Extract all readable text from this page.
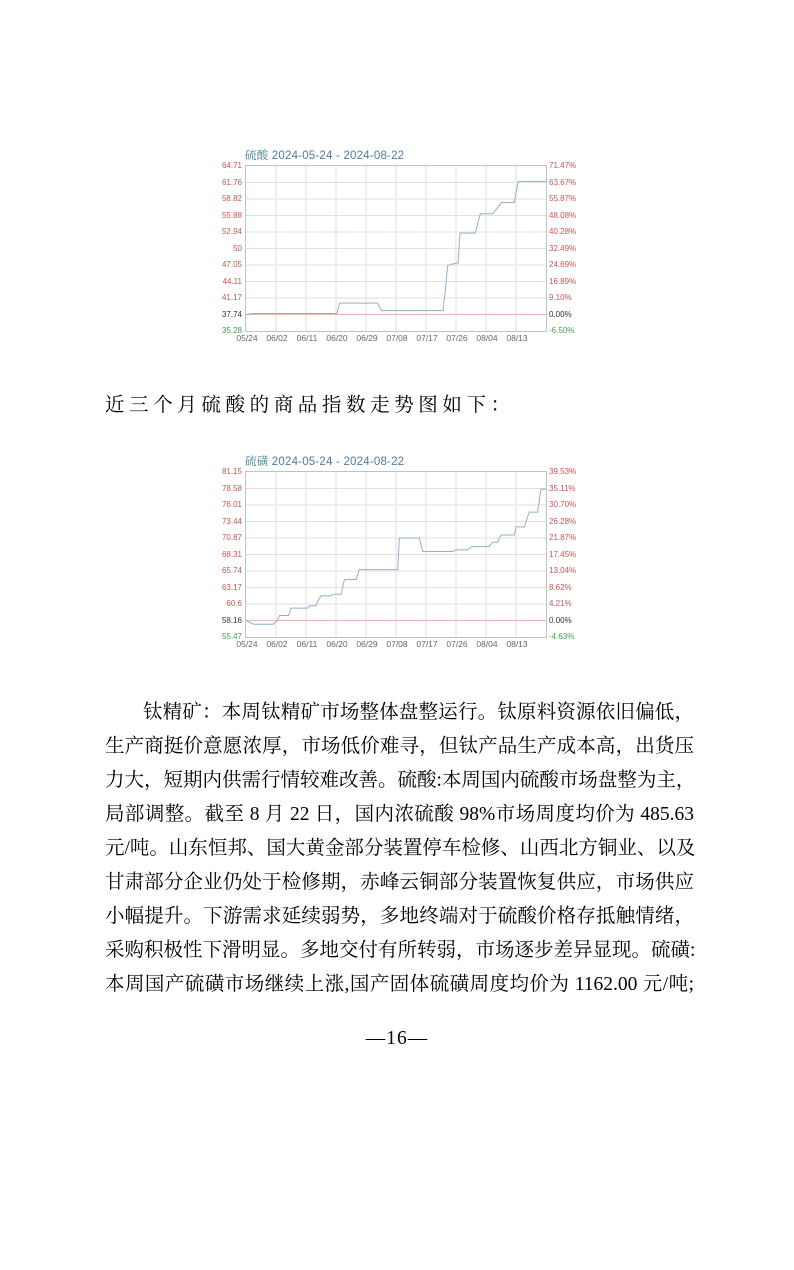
硫酸 2024-05-24 - 2024-08-22
64.71	71.47%
61.76	63.67%
58.82	55.87%
55.88	48.08%
52.94	40.28%
50	32.49%
47.05	24.69%
44.11	16.89%
41.17	9.10%
37.74	0.00%
35.28	-6.50%
05/24	06/02	06/11	06/20	06/29	07/08	07/17	07/26	08/04	08/13

近三个月硫酸的商品指数走势图如下：

硫磺 2024-05-24 - 2024-08-22
81.15	39.53%
78.58	35.11%
76.01	30.70%
73.44	26.28%
70.87	21.87%
68.31	17.45%
65.74	13.04%
63.17	8.62%
60.6	4.21%
58.16	0.00%
55.47	-4.63%
05/24	06/02	06/11	06/20	06/29	07/08	07/17	07/26	08/04	08/13
钛精矿：本周钛精矿市场整体盘整运行。钛原料资源依旧偏低，
生产商挺价意愿浓厚，市场低价难寻，但钛产品生产成本高，出货压
力大，短期内供需行情较难改善。硫酸:本周国内硫酸市场盘整为主，
局部调整。截至 8 月 22 日，国内浓硫酸 98%市场周度均价为 485.63
元/吨。山东恒邦、国大黄金部分装置停车检修、山西北方铜业、以及
甘肃部分企业仍处于检修期，赤峰云铜部分装置恢复供应，市场供应
小幅提升。下游需求延续弱势，多地终端对于硫酸价格存抵触情绪，
采购积极性下滑明显。多地交付有所转弱，市场逐步差异显现。硫磺:
本周国产硫磺市场继续上涨,国产固体硫磺周度均价为 1162.00 元/吨;
—16—
